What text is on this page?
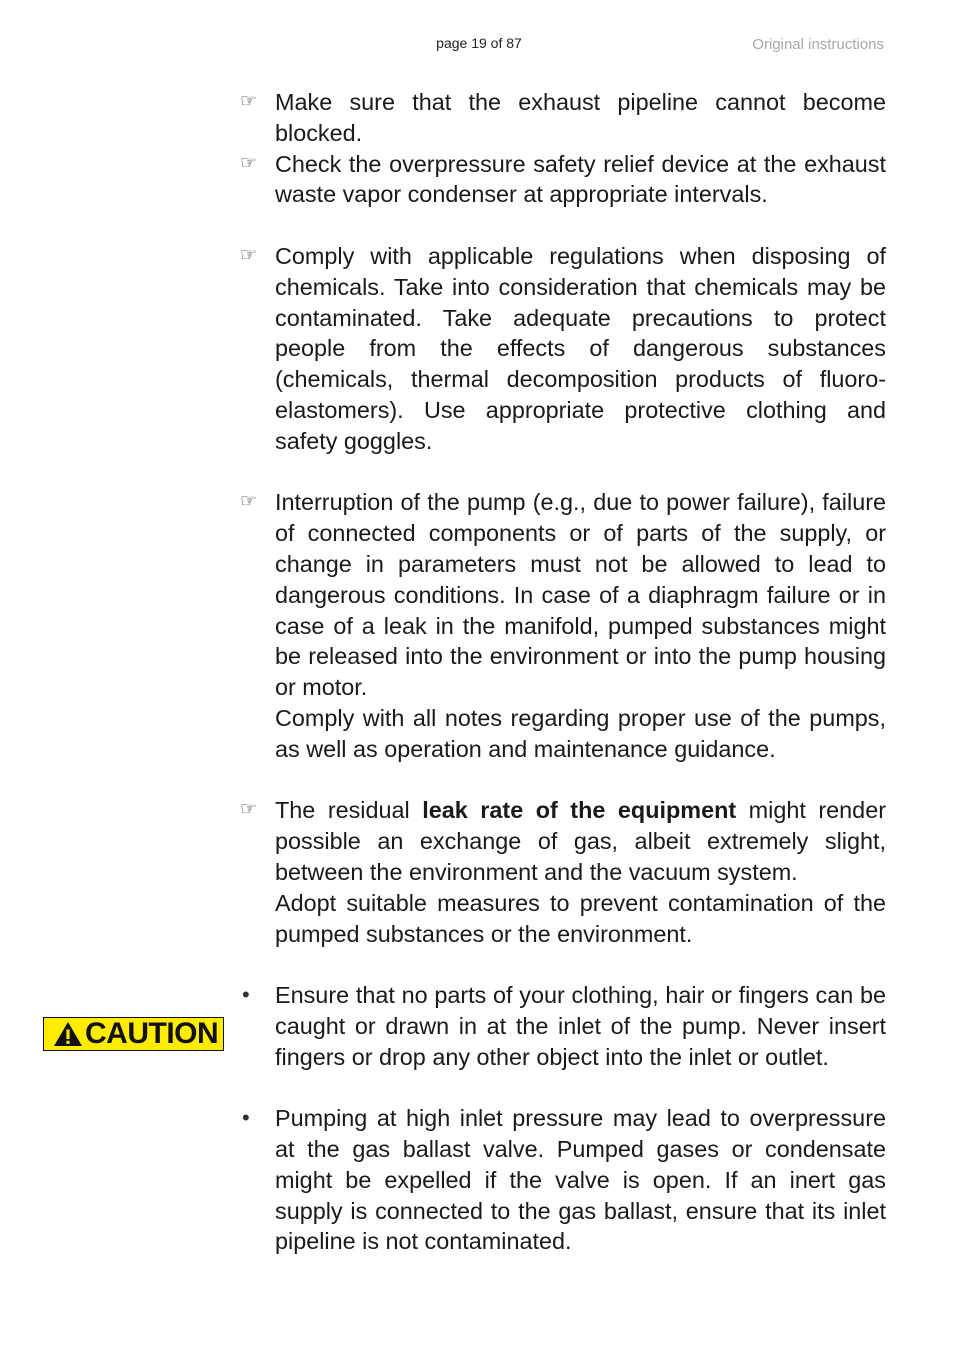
page 19 of 87	Original instructions
☞ Make sure that the exhaust pipeline cannot become blocked.

☞ Check the overpressure safety relief device at the exhaust waste vapor condenser at appropriate intervals.

☞ Comply with applicable regulations when disposing of chemicals. Take into consideration that chemicals may be contaminated. Take adequate precautions to protect people from the effects of dangerous substances (chemicals, thermal decomposition products of fluoroelastomers). Use appropriate protective clothing and safety goggles.

☞ Interruption of the pump (e.g., due to power failure), failure of connected components or of parts of the supply, or change in parameters must not be allowed to lead to dangerous conditions. In case of a diaphragm failure or in case of a leak in the manifold, pumped substances might be released into the environment or into the pump housing or motor.

Comply with all notes regarding proper use of the pumps, as well as operation and maintenance guidance.

☞ The residual leak rate of the equipment might render possible an exchange of gas, albeit extremely slight, between the environment and the vacuum system.

Adopt suitable measures to prevent contamination of the pumped substances or the environment.

•	Ensure that no parts of your clothing, hair or fingers can be caught or drawn in at the inlet of the pump. Never insert fingers or drop any other object into the inlet or outlet.

•	Pumping at high inlet pressure may lead to overpressure at the gas ballast valve. Pumped gases or condensate might be expelled if the valve is open. If an inert gas supply is connected to the gas ballast, ensure that its inlet pipeline is not contaminated.

CAUTION
